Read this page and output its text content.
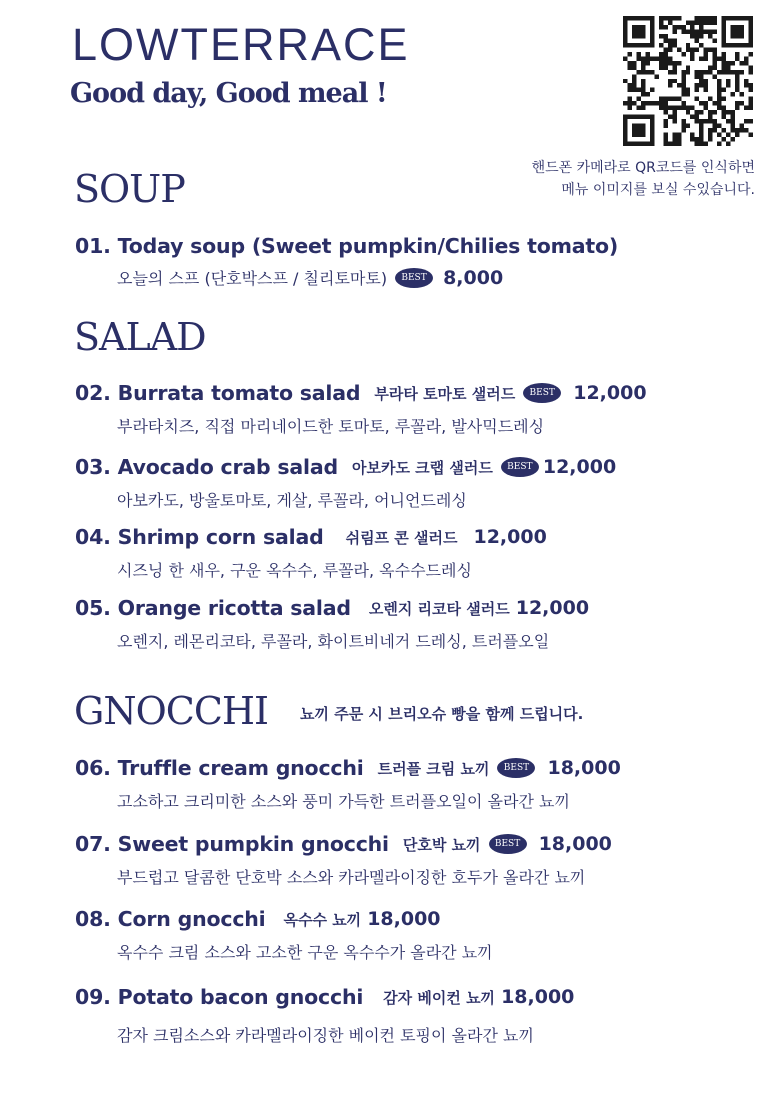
LOWTERRACE
Good day, Good meal !
핸드폰 카메라로 QR코드를 인식하면
메뉴 이미지를 보실 수있습니다.
SOUP
01. Today soup (Sweet pumpkin/Chilies tomato)
오늘의 스프 (단호박스프 / 칠리토마토)	BEST 8,000
SALAD
02. Burrata tomato salad 부라타 토마토 샐러드	BEST 12,000
부라타치즈, 직접 마리네이드한 토마토, 루꼴라, 발사믹드레싱
03. Avocado crab salad 아보카도 크랩 샐러드	BEST 12,000
아보카도, 방울토마토, 게살, 루꼴라, 어니언드레싱
04. Shrimp corn salad 쉬림프 콘 샐러드 12,000
시즈닝 한 새우, 구운 옥수수, 루꼴라, 옥수수드레싱
05. Orange ricotta salad 오렌지 리코타 샐러드 12,000
오렌지, 레몬리코타, 루꼴라, 화이트비네거 드레싱, 트러플오일
GNOCCHI 뇨끼 주문 시 브리오슈 빵을 함께 드립니다.
06. Truffle cream gnocchi 트러플 크림 뇨끼	BEST 18,000
고소하고 크리미한 소스와 풍미 가득한 트러플오일이 올라간 뇨끼
07. Sweet pumpkin gnocchi 단호박 뇨끼	BEST 18,000
부드럽고 달콤한 단호박 소스와 카라멜라이징한 호두가 올라간 뇨끼
08. Corn gnocchi 옥수수 뇨끼 18,000
옥수수 크림 소스와 고소한 구운 옥수수가 올라간 뇨끼
09. Potato bacon gnocchi 감자 베이컨 뇨끼 18,000
감자 크림소스와 카라멜라이징한 베이컨 토핑이 올라간 뇨끼
